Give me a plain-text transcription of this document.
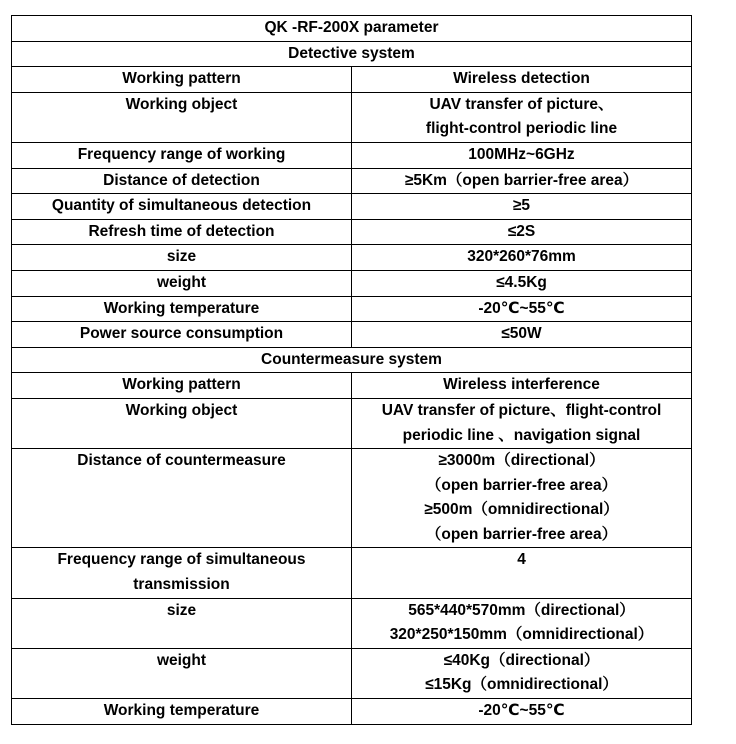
QK -RF-200X parameter	
Detective system	

Working pattern	Wireless detection

Working object	UAV transfer of picture、
flight-control periodic line

Frequency range of working	100MHz~6GHz

Distance of detection	≥5Km（open barrier-free area）

Quantity of simultaneous detection	≥5

Refresh time of detection	≤2S

size	320*260*76mm

weight	≤4.5Kg

Working temperature	-20℃~55℃

Power source consumption	≤50W

Countermeasure system	

Working pattern	Wireless interference

Working object	UAV transfer of picture、flight-control
periodic line 、navigation signal

Distance of countermeasure	≥3000m（directional）
（open barrier-free area）
≥500m（omnidirectional）
（open barrier-free area）

Frequency range of simultaneous
transmission	4

size	565*440*570mm（directional）
320*250*150mm（omnidirectional）

weight	≤40Kg（directional）
≤15Kg（omnidirectional）

Working temperature	-20℃~55℃
